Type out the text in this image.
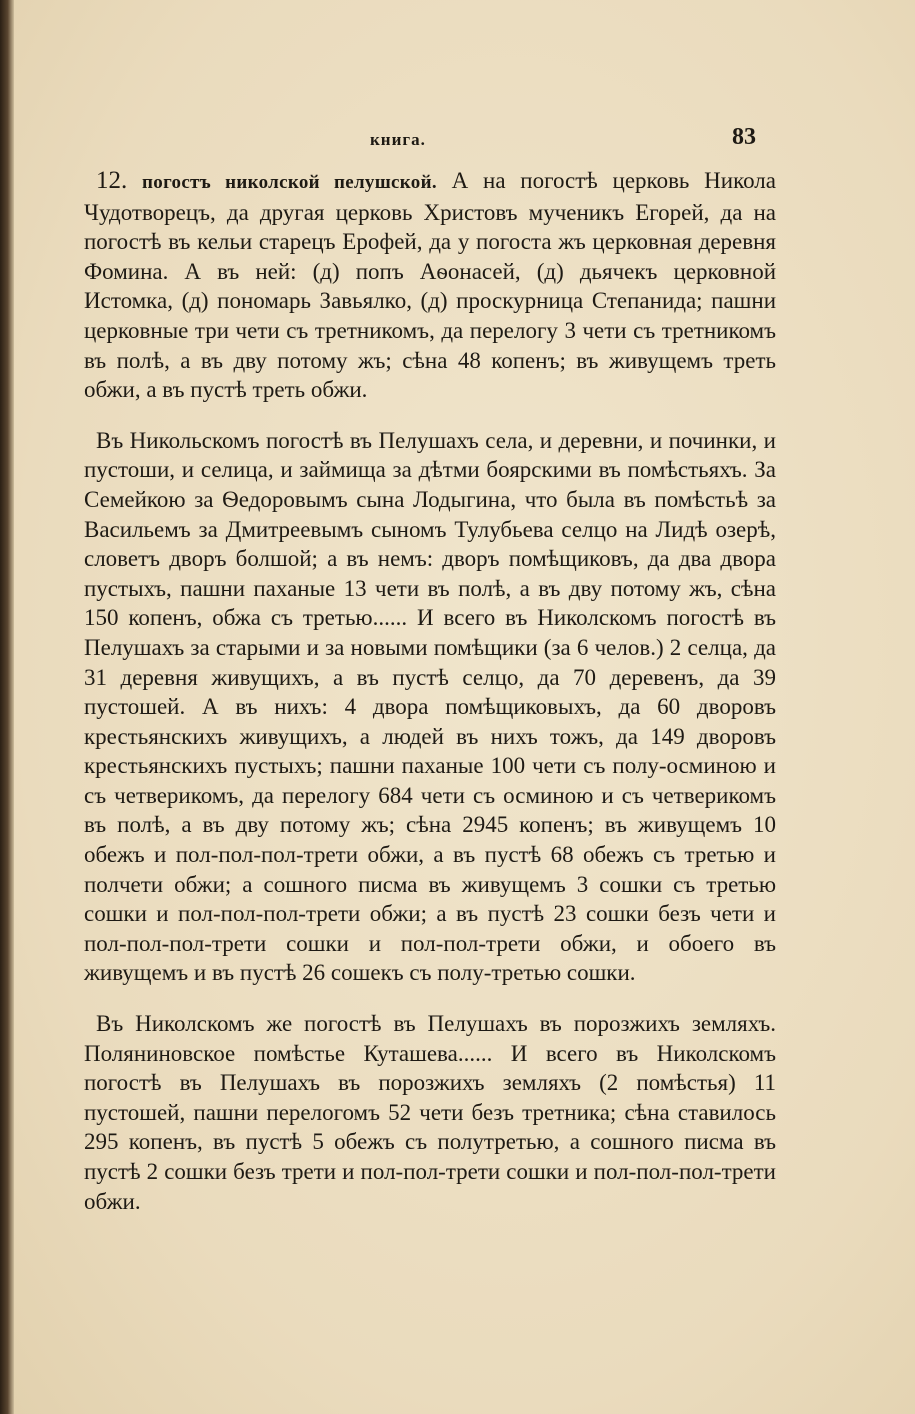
книга.	83

12. погостъ николской пелушской. А на погостѣ церковь Никола Чудотворецъ, да другая церковь Христовъ мученикъ Егорей, да на погостѣ въ кельи старецъ Ерофей, да у погоста жъ церковная деревня Фомина. А въ ней: (д) попъ Аѳонасей, (д) дьячекъ церковной Истомка, (д) пономарь Завьялко, (д) проскурница Степанида; пашни церковные три чети съ третникомъ, да перелогу 3 чети съ третникомъ въ полѣ, а въ дву потому жъ; сѣна 48 копенъ; въ живущемъ треть обжи, а въ пустѣ треть обжи.

Въ Никольскомъ погостѣ въ Пелушахъ села, и деревни, и починки, и пустоши, и селица, и займища за дѣтми боярскими въ помѣстьяхъ. За Семейкою за Ѳедоровымъ сына Лодыгина, что была въ помѣстьѣ за Васильемъ за Дмитреевымъ сыномъ Тулубьева селцо на Лидѣ озерѣ, словетъ дворъ болшой; а въ немъ: дворъ помѣщиковъ, да два двора пустыхъ, пашни паханые 13 чети въ полѣ, а въ дву потому жъ, сѣна 150 копенъ, обжа съ третью...... И всего въ Николскомъ погостѣ въ Пелушахъ за старыми и за новыми помѣщики (за 6 челов.) 2 селца, да 31 деревня живущихъ, а въ пустѣ селцо, да 70 деревенъ, да 39 пустошей. А въ нихъ: 4 двора помѣщиковыхъ, да 60 дворовъ крестьянскихъ живущихъ, а людей въ нихъ тожъ, да 149 дворовъ крестьянскихъ пустыхъ; пашни паханые 100 чети съ полу-осминою и съ четверикомъ, да перелогу 684 чети съ осминою и съ четверикомъ въ полѣ, а въ дву потому жъ; сѣна 2945 копенъ; въ живущемъ 10 обежъ и пол-пол-пол-трети обжи, а въ пустѣ 68 обежъ съ третью и полчети обжи; а сошного писма въ живущемъ 3 сошки съ третью сошки и пол-пол-пол-трети обжи; а въ пустѣ 23 сошки безъ чети и пол-пол-пол-трети сошки и пол-пол-трети обжи, и обоего въ живущемъ и въ пустѣ 26 сошекъ съ полу-третью сошки.

Въ Николскомъ же погостѣ въ Пелушахъ въ порозжихъ земляхъ. Поляниновское помѣстье Куташева...... И всего въ Николскомъ погостѣ въ Пелушахъ въ порозжихъ земляхъ (2 помѣстья) 11 пустошей, пашни перелогомъ 52 чети безъ третника; сѣна ставилось 295 копенъ, въ пустѣ 5 обежъ съ полутретью, а сошного писма въ пустѣ 2 сошки безъ трети и пол-пол-трети сошки и пол-пол-пол-трети обжи.
